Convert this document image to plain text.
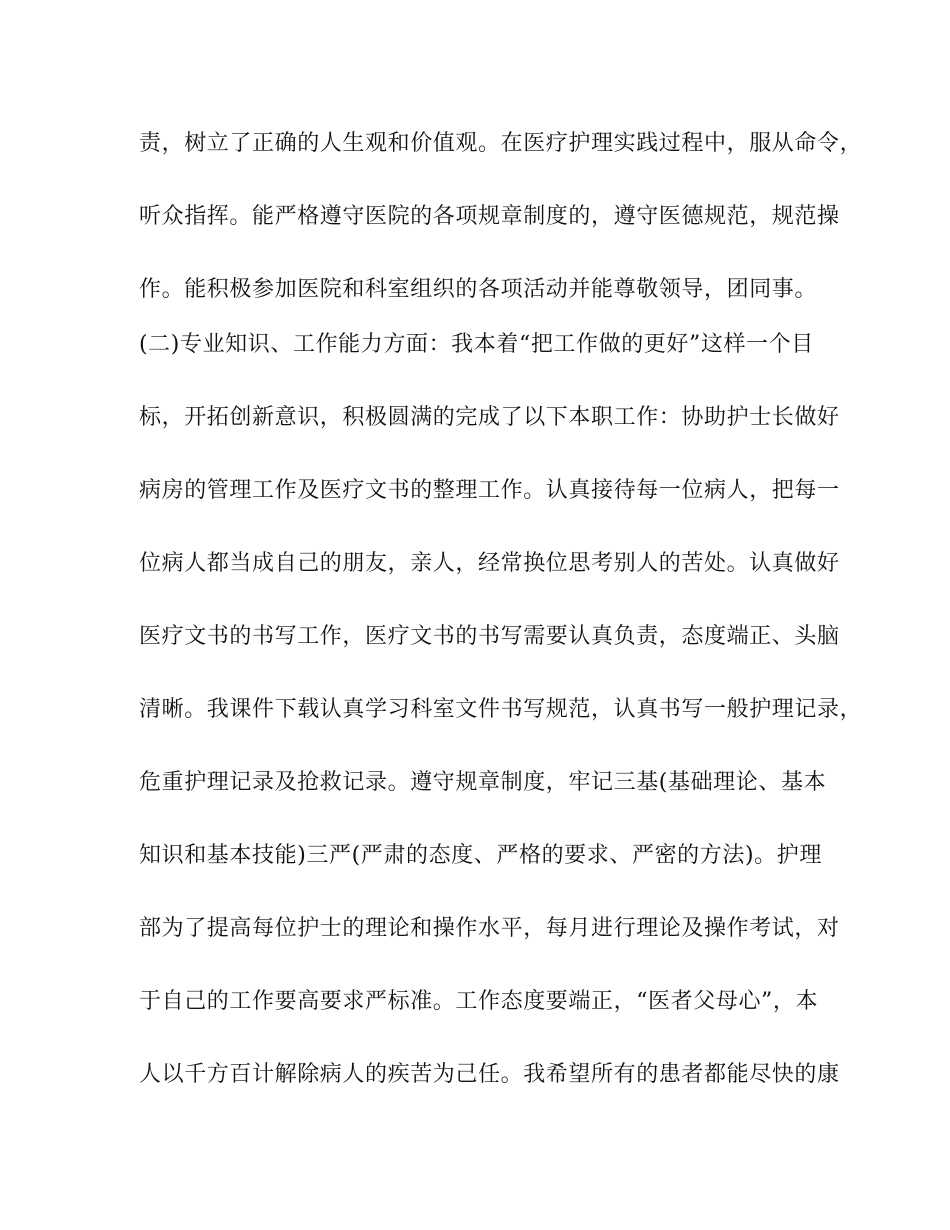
责，树立了正确的人生观和价值观。在医疗护理实践过程中，服从命令，
听众指挥。能严格遵守医院的各项规章制度的，遵守医德规范，规范操
作。能积极参加医院和科室组织的各项活动并能尊敬领导，团同事。
(二)专业知识、工作能力方面：我本着“把工作做的更好”这样一个目
标，开拓创新意识，积极圆满的完成了以下本职工作：协助护士长做好
病房的管理工作及医疗文书的整理工作。认真接待每一位病人，把每一
位病人都当成自己的朋友，亲人，经常换位思考别人的苦处。认真做好
医疗文书的书写工作，医疗文书的书写需要认真负责，态度端正、头脑
清晰。我课件下载认真学习科室文件书写规范，认真书写一般护理记录，
危重护理记录及抢救记录。遵守规章制度，牢记三基(基础理论、基本
知识和基本技能)三严(严肃的态度、严格的要求、严密的方法)。护理
部为了提高每位护士的理论和操作水平，每月进行理论及操作考试，对
于自己的工作要高要求严标准。工作态度要端正，“医者父母心”，本
人以千方百计解除病人的疾苦为己任。我希望所有的患者都能尽快的康
